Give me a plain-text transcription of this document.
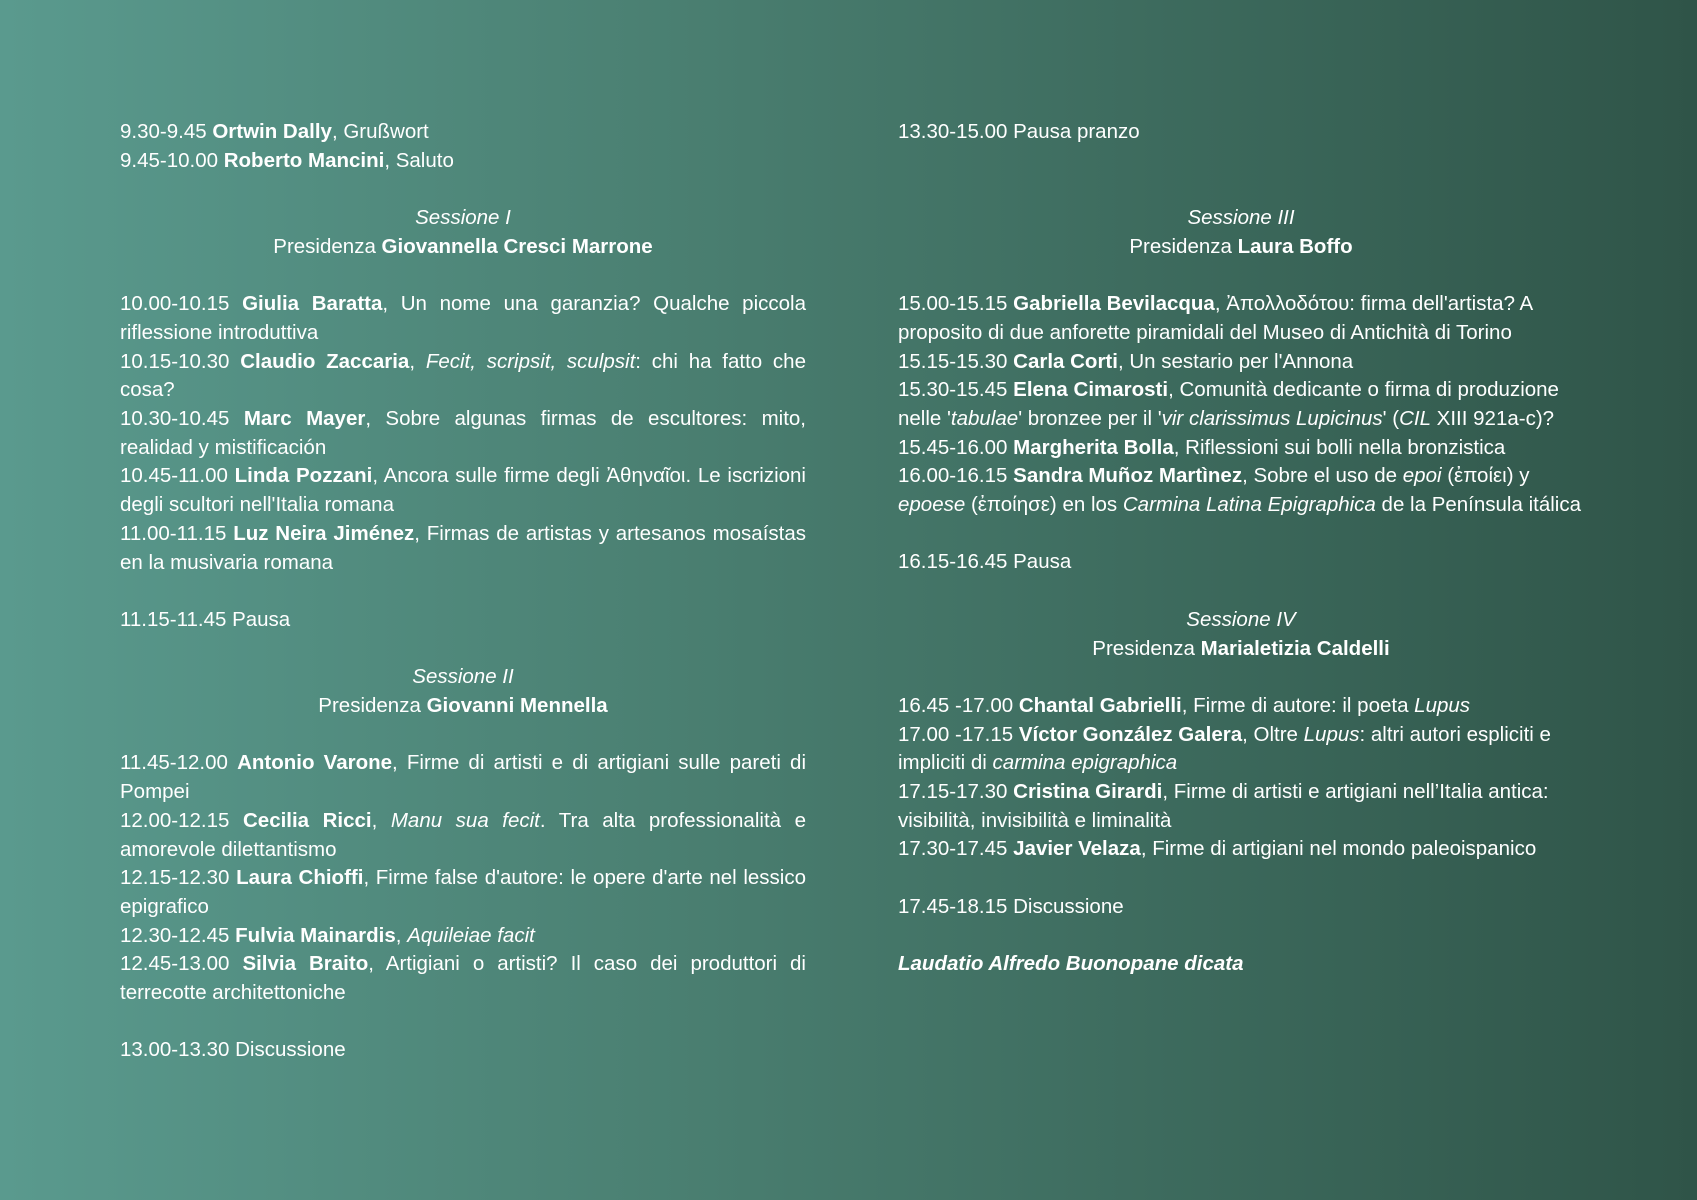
9.30-9.45 Ortwin Dally, Grußwort
9.45-10.00 Roberto Mancini, Saluto
Sessione I
Presidenza Giovannella Cresci Marrone
10.00-10.15 Giulia Baratta, Un nome una garanzia? Qualche piccola riflessione introduttiva
10.15-10.30 Claudio Zaccaria, Fecit, scripsit, sculpsit: chi ha fatto che cosa?
10.30-10.45 Marc Mayer, Sobre algunas firmas de escultores: mito, realidad y mistificación
10.45-11.00 Linda Pozzani, Ancora sulle firme degli Ἀθηναῖοι. Le iscrizioni degli scultori nell'Italia romana
11.00-11.15 Luz Neira Jiménez, Firmas de artistas y artesanos mosaístas en la musivaria romana
11.15-11.45 Pausa
Sessione II
Presidenza Giovanni Mennella
11.45-12.00 Antonio Varone, Firme di artisti e di artigiani sulle pareti di Pompei
12.00-12.15 Cecilia Ricci, Manu sua fecit. Tra alta professionalità e amorevole dilettantismo
12.15-12.30 Laura Chioffi, Firme false d'autore: le opere d'arte nel lessico epigrafico
12.30-12.45 Fulvia Mainardis, Aquileiae facit
12.45-13.00 Silvia Braito, Artigiani o artisti? Il caso dei produttori di terrecotte architettoniche
13.00-13.30 Discussione
13.30-15.00 Pausa pranzo
Sessione III
Presidenza Laura Boffo
15.00-15.15 Gabriella Bevilacqua, Ἀπολλοδότου: firma dell'artista? A proposito di due anforette piramidali del Museo di Antichità di Torino
15.15-15.30 Carla Corti, Un sestario per l'Annona
15.30-15.45 Elena Cimarosti, Comunità dedicante o firma di produzione nelle 'tabulae' bronzee per il 'vir clarissimus Lupicinus' (CIL XIII 921a-c)?
15.45-16.00 Margherita Bolla, Riflessioni sui bolli nella bronzistica
16.00-16.15 Sandra Muñoz Martìnez, Sobre el uso de epoi (ἐποίει) y epoese (ἐποίησε) en los Carmina Latina Epigraphica de la Península itálica
16.15-16.45 Pausa
Sessione IV
Presidenza Marialetizia Caldelli
16.45 -17.00 Chantal Gabrielli, Firme di autore: il poeta Lupus
17.00 -17.15 Víctor González Galera, Oltre Lupus: altri autori espliciti e impliciti di carmina epigraphica
17.15-17.30 Cristina Girardi, Firme di artisti e artigiani nell’Italia antica: visibilità, invisibilità e liminalità
17.30-17.45 Javier Velaza, Firme di artigiani nel mondo paleoispanico
17.45-18.15 Discussione
Laudatio Alfredo Buonopane dicata
